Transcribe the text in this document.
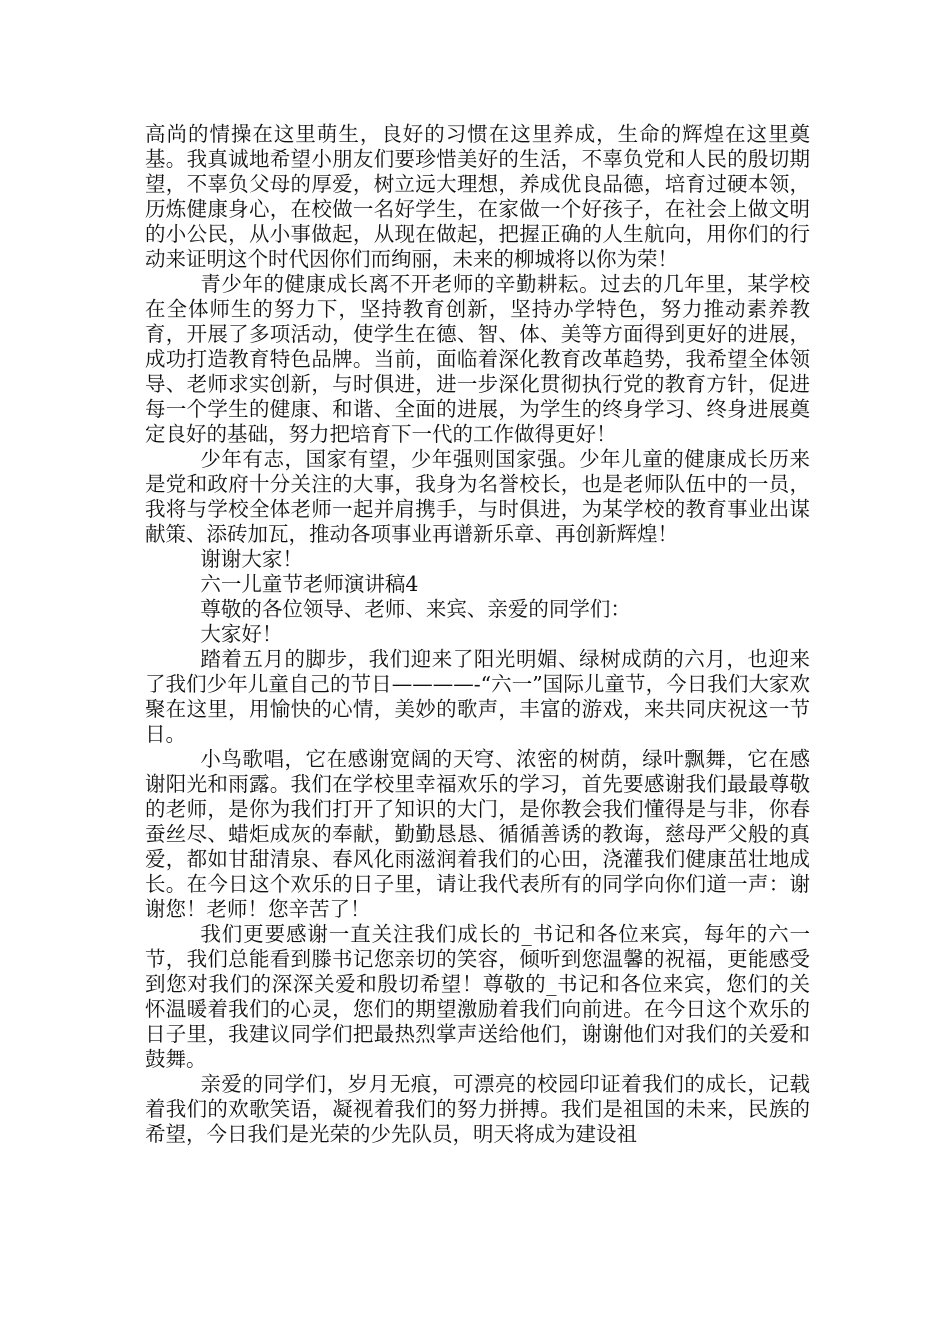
高尚的情操在这里萌生，良好的习惯在这里养成，生命的辉煌在这里奠基。我真诚地希望小朋友们要珍惜美好的生活，不辜负党和人民的殷切期望，不辜负父母的厚爱，树立远大理想，养成优良品德，培育过硬本领，历炼健康身心，在校做一名好学生，在家做一个好孩子，在社会上做文明的小公民，从小事做起，从现在做起，把握正确的人生航向，用你们的行动来证明这个时代因你们而绚丽，未来的柳城将以你为荣！

青少年的健康成长离不开老师的辛勤耕耘。过去的几年里，某学校在全体师生的努力下，坚持教育创新，坚持办学特色，努力推动素养教育，开展了多项活动，使学生在德、智、体、美等方面得到更好的进展，成功打造教育特色品牌。当前，面临着深化教育改革趋势，我希望全体领导、老师求实创新，与时俱进，进一步深化贯彻执行党的教育方针，促进每一个学生的健康、和谐、全面的进展，为学生的终身学习、终身进展奠定良好的基础，努力把培育下一代的工作做得更好！

少年有志，国家有望，少年强则国家强。少年儿童的健康成长历来是党和政府十分关注的大事，我身为名誉校长，也是老师队伍中的一员，我将与学校全体老师一起并肩携手，与时俱进，为某学校的教育事业出谋献策、添砖加瓦，推动各项事业再谱新乐章、再创新辉煌！

谢谢大家！

六一儿童节老师演讲稿4

尊敬的各位领导、老师、来宾、亲爱的同学们：

大家好！

踏着五月的脚步，我们迎来了阳光明媚、绿树成荫的六月，也迎来了我们少年儿童自己的节日————-“六一”国际儿童节，今日我们大家欢聚在这里，用愉快的心情，美妙的歌声，丰富的游戏，来共同庆祝这一节日。

小鸟歌唱，它在感谢宽阔的天穹、浓密的树荫，绿叶飘舞，它在感谢阳光和雨露。我们在学校里幸福欢乐的学习，首先要感谢我们最最尊敬的老师，是你为我们打开了知识的大门，是你教会我们懂得是与非，你春蚕丝尽、蜡炬成灰的奉献，勤勤恳恳、循循善诱的教诲，慈母严父般的真爱，都如甘甜清泉、春风化雨滋润着我们的心田，浇灌我们健康茁壮地成长。在今日这个欢乐的日子里，请让我代表所有的同学向你们道一声：谢谢您！老师！您辛苦了！

我们更要感谢一直关注我们成长的_书记和各位来宾，每年的六一节，我们总能看到滕书记您亲切的笑容，倾听到您温馨的祝福，更能感受到您对我们的深深关爱和殷切希望！尊敬的_书记和各位来宾，您们的关怀温暖着我们的心灵，您们的期望激励着我们向前进。在今日这个欢乐的日子里，我建议同学们把最热烈掌声送给他们，谢谢他们对我们的关爱和鼓舞。

亲爱的同学们，岁月无痕，可漂亮的校园印证着我们的成长，记载着我们的欢歌笑语，凝视着我们的努力拼搏。我们是祖国的未来，民族的希望，今日我们是光荣的少先队员，明天将成为建设祖
